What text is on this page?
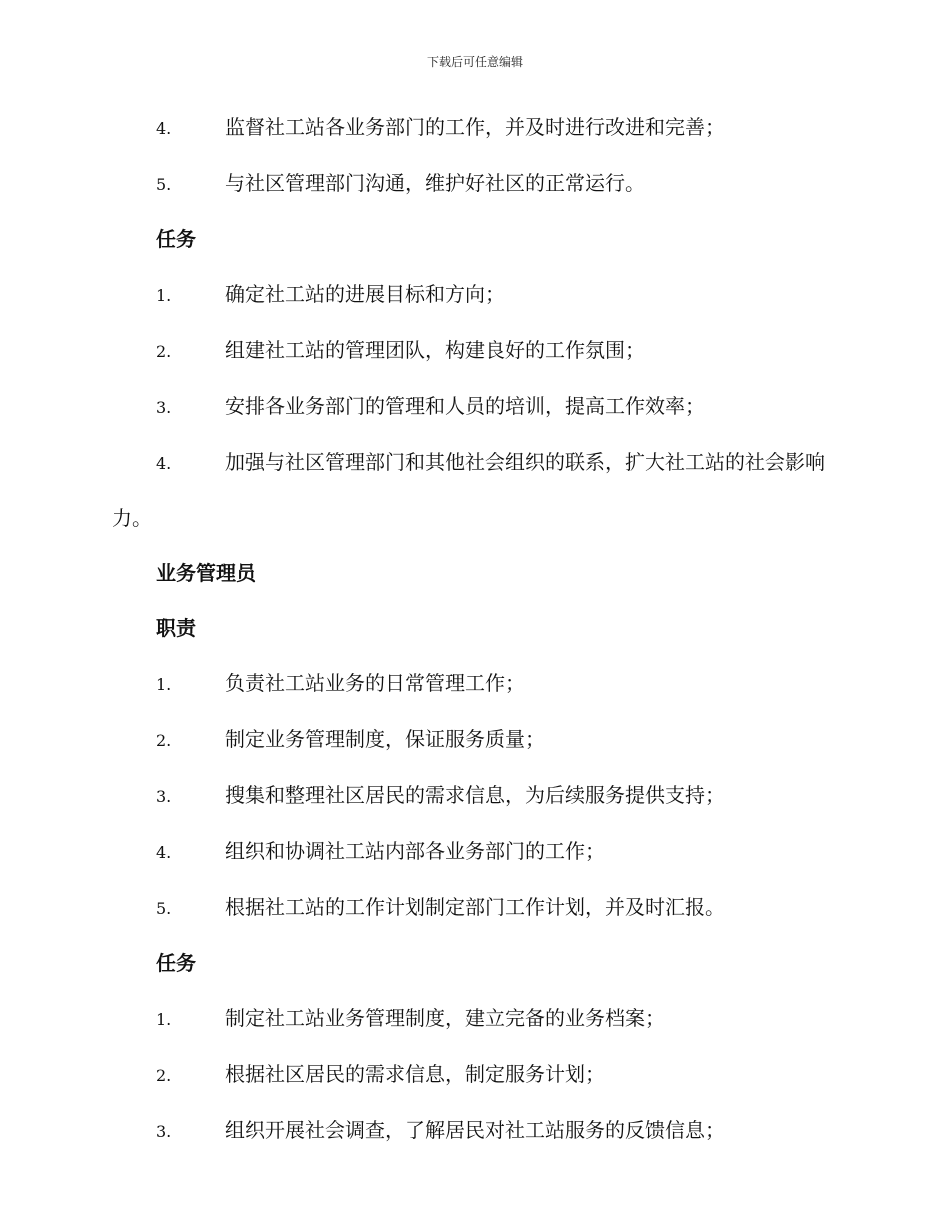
下载后可任意编辑
4.	监督社工站各业务部门的工作，并及时进行改进和完善；
5.	与社区管理部门沟通，维护好社区的正常运行。
任务
1.	确定社工站的进展目标和方向；
2.	组建社工站的管理团队，构建良好的工作氛围；
3.	安排各业务部门的管理和人员的培训，提高工作效率；
4.	加强与社区管理部门和其他社会组织的联系，扩大社工站的社会影响力。
业务管理员
职责
1.	负责社工站业务的日常管理工作；
2.	制定业务管理制度，保证服务质量；
3.	搜集和整理社区居民的需求信息，为后续服务提供支持；
4.	组织和协调社工站内部各业务部门的工作；
5.	根据社工站的工作计划制定部门工作计划，并及时汇报。
任务
1.	制定社工站业务管理制度，建立完备的业务档案；
2.	根据社区居民的需求信息，制定服务计划；
3.	组织开展社会调查，了解居民对社工站服务的反馈信息；
